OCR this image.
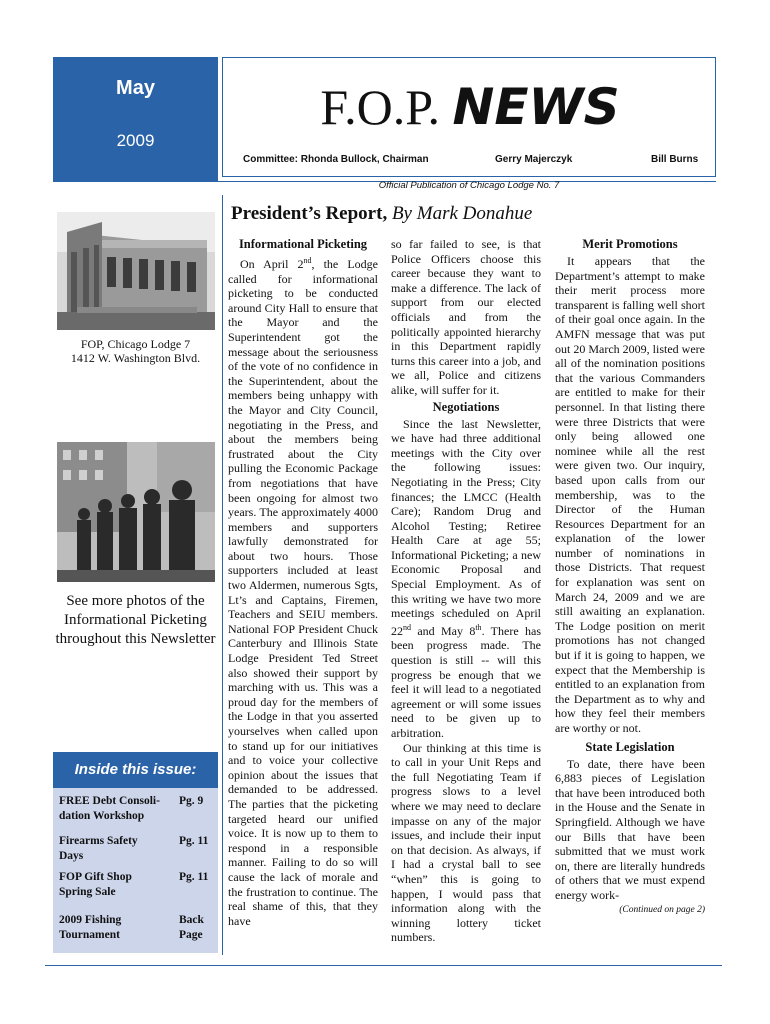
May
2009
F.O.P. NEWS
Committee: Rhonda Bullock, Chairman	Gerry Majerczyk	Bill Burns
Official Publication of Chicago Lodge No. 7
FOP, Chicago Lodge 7
1412 W. Washington Blvd.
See more photos of the Informational Picketing throughout this Newsletter
Inside this issue:
FREE Debt Consoli-dation Workshop
Pg. 9
Firearms Safety Days
Pg. 11
FOP Gift Shop Spring Sale
Pg. 11
2009 Fishing Tournament
Back Page
President’s Report, By Mark Donahue
Informational Picketing

On April 2nd, the Lodge called for informational picketing to be conducted around City Hall to ensure that the Mayor and the Superintendent got the message about the seriousness of the vote of no confidence in the Superintendent, about the members being unhappy with the Mayor and City Council, negotiating in the Press, and about the members being frustrated about the City pulling the Economic Package from negotiations that have been ongoing for almost two years. The approximately 4000 members and supporters lawfully demonstrated for about two hours. Those supporters included at least two Aldermen, numerous Sgts, Lt’s and Captains, Firemen, Teachers and SEIU members. National FOP President Chuck Canterbury and Illinois State Lodge President Ted Street also showed their support by marching with us. This was a proud day for the members of the Lodge in that you asserted yourselves when called upon to stand up for our initiatives and to voice your collective opinion about the issues that demanded to be addressed. The parties that the picketing targeted heard our unified voice. It is now up to them to respond in a responsible manner. Failing to do so will cause the lack of morale and the frustration to continue. The real shame of this, that they have

so far failed to see, is that Police Officers choose this career because they want to make a difference. The lack of support from our elected officials and from the politically appointed hierarchy in this Department rapidly turns this career into a job, and we all, Police and citizens alike, will suffer for it.

Negotiations

Since the last Newsletter, we have had three additional meetings with the City over the following issues: Negotiating in the Press; City finances; the LMCC (Health Care); Random Drug and Alcohol Testing; Retiree Health Care at age 55; Informational Picketing; a new Economic Proposal and Special Employment. As of this writing we have two more meetings scheduled on April 22nd and May 8th. There has been progress made. The question is still -- will this progress be enough that we feel it will lead to a negotiated agreement or will some issues need to be given up to arbitration.

Our thinking at this time is to call in your Unit Reps and the full Negotiating Team if progress slows to a level where we may need to declare impasse on any of the major issues, and include their input on that decision. As always, if I had a crystal ball to see “when” this is going to happen, I would pass that information along with the winning lottery ticket numbers.

Merit Promotions

It appears that the Department’s attempt to make their merit process more transparent is falling well short of their goal once again. In the AMFN message that was put out 20 March 2009, listed were all of the nomination positions that the various Commanders are entitled to make for their personnel. In that listing there were three Districts that were only being allowed one nominee while all the rest were given two. Our inquiry, based upon calls from our membership, was to the Director of the Human Resources Department for an explanation of the lower number of nominations in those Districts. That request for explanation was sent on March 24, 2009 and we are still awaiting an explanation. The Lodge position on merit promotions has not changed but if it is going to happen, we expect that the Membership is entitled to an explanation from the Department as to why and how they feel their members are worthy or not.

State Legislation

To date, there have been 6,883 pieces of Legislation that have been introduced both in the House and the Senate in Springfield. Although we have our Bills that have been submitted that we must work on, there are literally hundreds of others that we must expend energy work-

(Continued on page 2)
